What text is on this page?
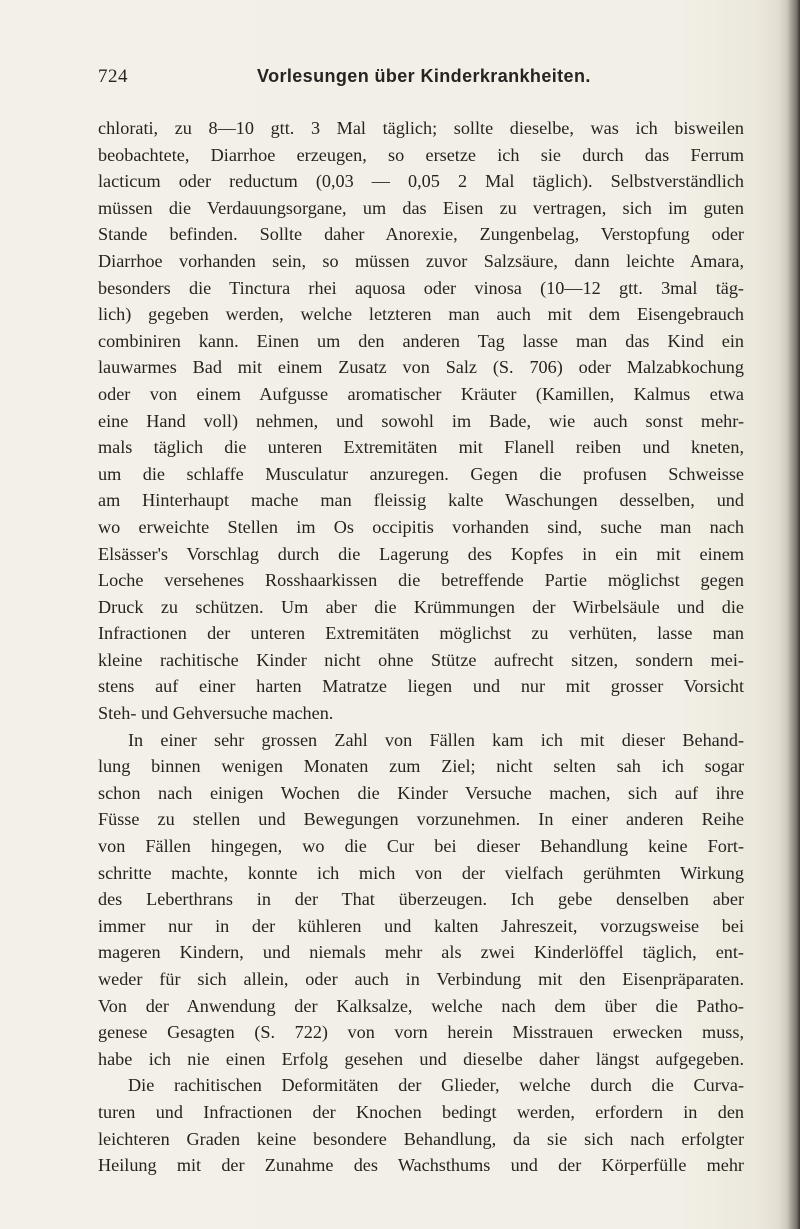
724	Vorlesungen über Kinderkrankheiten.
chlorati, zu 8—10 gtt. 3 Mal täglich; sollte dieselbe, was ich bisweilen
beobachtete, Diarrhoe erzeugen, so ersetze ich sie durch das Ferrum
lacticum oder reductum (0,03 — 0,05 2 Mal täglich). Selbstverständlich
müssen die Verdauungsorgane, um das Eisen zu vertragen, sich im guten
Stande befinden. Sollte daher Anorexie, Zungenbelag, Verstopfung oder
Diarrhoe vorhanden sein, so müssen zuvor Salzsäure, dann leichte Amara,
besonders die Tinctura rhei aquosa oder vinosa (10—12 gtt. 3mal täg-
lich) gegeben werden, welche letzteren man auch mit dem Eisengebrauch
combiniren kann. Einen um den anderen Tag lasse man das Kind ein
lauwarmes Bad mit einem Zusatz von Salz (S. 706) oder Malzabkochung
oder von einem Aufgusse aromatischer Kräuter (Kamillen, Kalmus etwa
eine Hand voll) nehmen, und sowohl im Bade, wie auch sonst mehr-
mals täglich die unteren Extremitäten mit Flanell reiben und kneten,
um die schlaffe Musculatur anzuregen. Gegen die profusen Schweisse
am Hinterhaupt mache man fleissig kalte Waschungen desselben, und
wo erweichte Stellen im Os occipitis vorhanden sind, suche man nach
Elsässer's Vorschlag durch die Lagerung des Kopfes in ein mit einem
Loche versehenes Rosshaarkissen die betreffende Partie möglichst gegen
Druck zu schützen. Um aber die Krümmungen der Wirbelsäule und die
Infractionen der unteren Extremitäten möglichst zu verhüten, lasse man
kleine rachitische Kinder nicht ohne Stütze aufrecht sitzen, sondern mei-
stens auf einer harten Matratze liegen und nur mit grosser Vorsicht
Steh- und Gehversuche machen.
In einer sehr grossen Zahl von Fällen kam ich mit dieser Behand-
lung binnen wenigen Monaten zum Ziel; nicht selten sah ich sogar
schon nach einigen Wochen die Kinder Versuche machen, sich auf ihre
Füsse zu stellen und Bewegungen vorzunehmen. In einer anderen Reihe
von Fällen hingegen, wo die Cur bei dieser Behandlung keine Fort-
schritte machte, konnte ich mich von der vielfach gerühmten Wirkung
des Leberthrans in der That überzeugen. Ich gebe denselben aber
immer nur in der kühleren und kalten Jahreszeit, vorzugsweise bei
mageren Kindern, und niemals mehr als zwei Kinderlöffel täglich, ent-
weder für sich allein, oder auch in Verbindung mit den Eisenpräparaten.
Von der Anwendung der Kalksalze, welche nach dem über die Patho-
genese Gesagten (S. 722) von vorn herein Misstrauen erwecken muss,
habe ich nie einen Erfolg gesehen und dieselbe daher längst aufgegeben.
Die rachitischen Deformitäten der Glieder, welche durch die Curva-
turen und Infractionen der Knochen bedingt werden, erfordern in den
leichteren Graden keine besondere Behandlung, da sie sich nach erfolgter
Heilung mit der Zunahme des Wachsthums und der Körperfülle mehr
